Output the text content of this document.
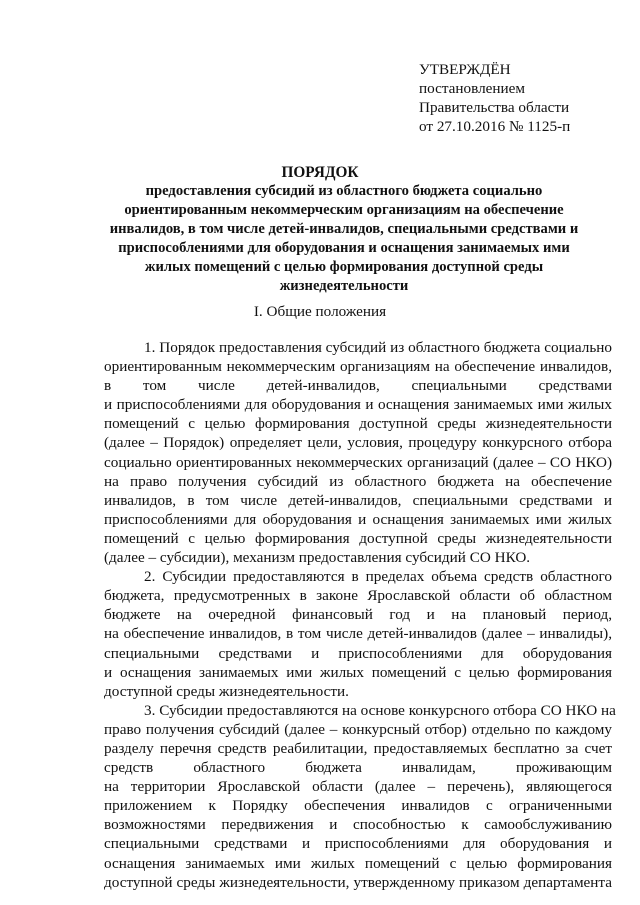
УТВЕРЖДЁН
постановлением
Правительства области
от 27.10.2016 № 1125-п
ПОРЯДОК
предоставления субсидий из областного бюджета социально
ориентированным некоммерческим организациям на обеспечение
инвалидов, в том числе детей-инвалидов, специальными средствами и
приспособлениями для оборудования и оснащения занимаемых ими
жилых помещений с целью формирования доступной среды
жизнедеятельности
I. Общие положения
1. Порядок предоставления субсидий из областного бюджета социально
ориентированным некоммерческим организациям на обеспечение инвалидов,
в том числе детей-инвалидов, специальными средствами
и приспособлениями для оборудования и оснащения занимаемых ими жилых
помещений с целью формирования доступной среды жизнедеятельности
(далее – Порядок) определяет цели, условия, процедуру конкурсного отбора
социально ориентированных некоммерческих организаций (далее – СО НКО)
на право получения субсидий из областного бюджета на обеспечение
инвалидов, в том числе детей-инвалидов, специальными средствами и
приспособлениями для оборудования и оснащения занимаемых ими жилых
помещений с целью формирования доступной среды жизнедеятельности
(далее – субсидии), механизм предоставления субсидий СО НКО.
2. Субсидии предоставляются в пределах объема средств областного
бюджета, предусмотренных в законе Ярославской области об областном
бюджете на очередной финансовый год и на плановый период,
на обеспечение инвалидов, в том числе детей-инвалидов (далее – инвалиды),
специальными средствами и приспособлениями для оборудования
и оснащения занимаемых ими жилых помещений с целью формирования
доступной среды жизнедеятельности.
3. Субсидии предоставляются на основе конкурсного отбора СО НКО на
право получения субсидий (далее – конкурсный отбор) отдельно по каждому
разделу перечня средств реабилитации, предоставляемых бесплатно за счет
средств областного бюджета инвалидам, проживающим
на территории Ярославской области (далее – перечень), являющегося
приложением к Порядку обеспечения инвалидов с ограниченными
возможностями передвижения и способностью к самообслуживанию
специальными средствами и приспособлениями для оборудования и
оснащения занимаемых ими жилых помещений с целью формирования
доступной среды жизнедеятельности, утвержденному приказом департамента
